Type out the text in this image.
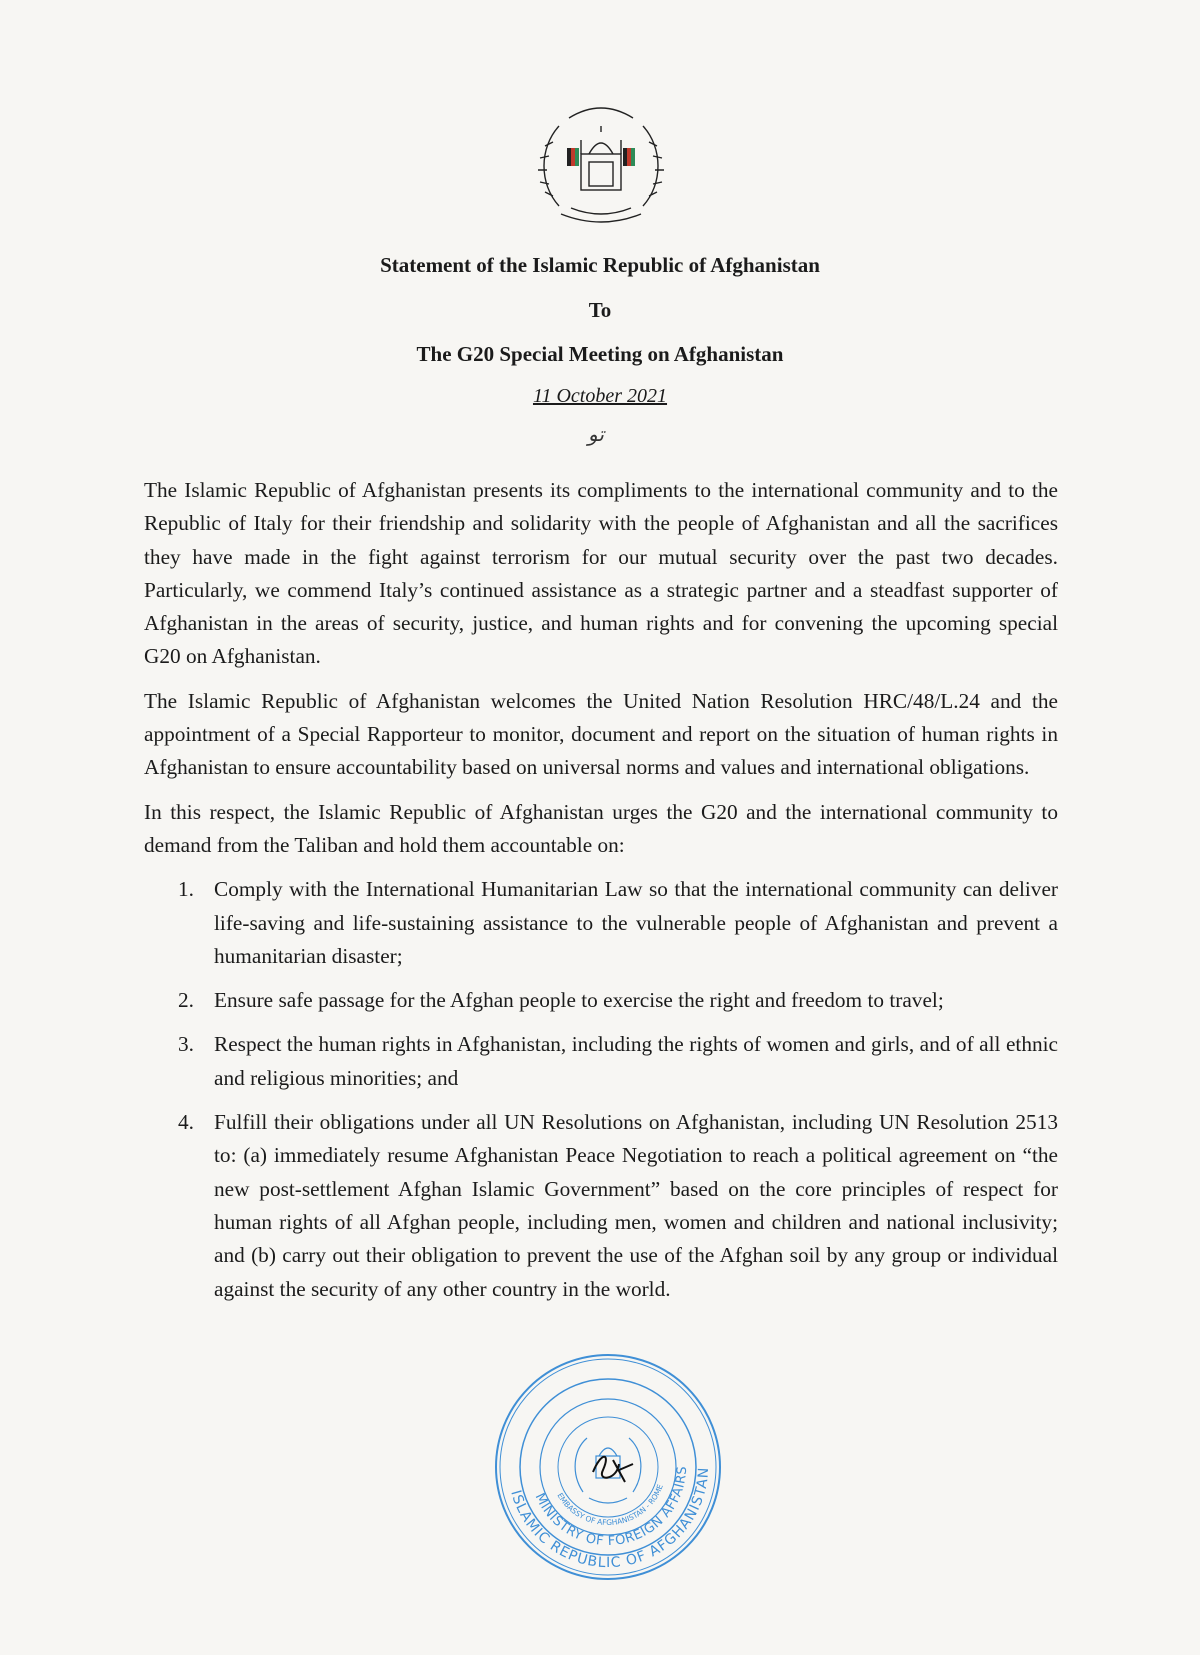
Statement of the Islamic Republic of Afghanistan
To
The G20 Special Meeting on Afghanistan
11 October 2021
ﺑ۫ﺗﻮ

The Islamic Republic of Afghanistan presents its compliments to the international community and to the Republic of Italy for their friendship and solidarity with the people of Afghanistan and all the sacrifices they have made in the fight against terrorism for our mutual security over the past two decades. Particularly, we commend Italy’s continued assistance as a strategic partner and a steadfast supporter of Afghanistan in the areas of security, justice, and human rights and for convening the upcoming special G20 on Afghanistan.

The Islamic Republic of Afghanistan welcomes the United Nation Resolution HRC/48/L.24 and the appointment of a Special Rapporteur to monitor, document and report on the situation of human rights in Afghanistan to ensure accountability based on universal norms and values and international obligations.

In this respect, the Islamic Republic of Afghanistan urges the G20 and the international community to demand from the Taliban and hold them accountable on:

1. Comply with the International Humanitarian Law so that the international community can deliver life-saving and life-sustaining assistance to the vulnerable people of Afghanistan and prevent a humanitarian disaster;
2. Ensure safe passage for the Afghan people to exercise the right and freedom to travel;
3. Respect the human rights in Afghanistan, including the rights of women and girls, and of all ethnic and religious minorities; and
4. Fulfill their obligations under all UN Resolutions on Afghanistan, including UN Resolution 2513 to: (a) immediately resume Afghanistan Peace Negotiation to reach a political agreement on “the new post-settlement Afghan Islamic Government” based on the core principles of respect for human rights of all Afghan people, including men, women and children and national inclusivity; and (b) carry out their obligation to prevent the use of the Afghan soil by any group or individual against the security of any other country in the world.
ISLAMIC REPUBLIC OF AFGHANISTAN
MINISTRY OF FOREIGN AFFAIRS
EMBASSY OF AFGHANISTAN - ROME
